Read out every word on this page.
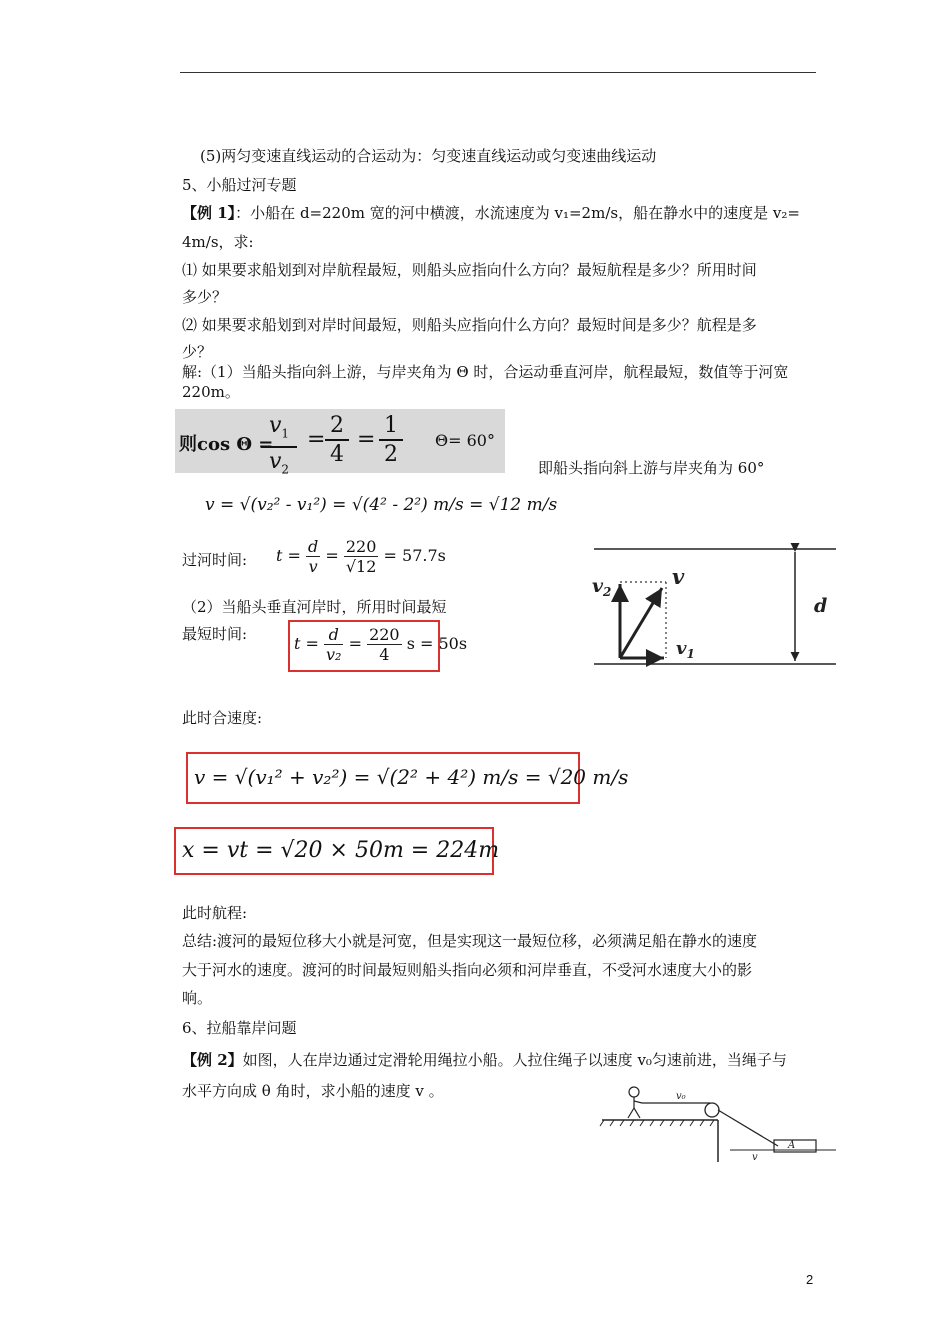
(5)两匀变速直线运动的合运动为：匀变速直线运动或匀变速曲线运动
5、小船过河专题
【例 1】：小船在 d=220m 宽的河中横渡，水流速度为 v₁=2m/s，船在静水中的速度是 v₂=
4m/s，求:
⑴ 如果要求船划到对岸航程最短，则船头应指向什么方向？最短航程是多少？所用时间
多少？
⑵ 如果要求船划到对岸时间最短，则船头应指向什么方向？最短时间是多少？航程是多
少？
解:（1）当船头指向斜上游，与岸夹角为 Θ 时，合运动垂直河岸，航程最短，数值等于河宽
220m。
则cos Θ =
$v_1$
$v_2$
=
2
4
=
1
2
Θ= 60°
即船头指向斜上游与岸夹角为 60°
v = √(v₂² - v₁²) = √(4² - 2²) m/s = √12 m/s
过河时间: $t = \frac{d}{v} = \frac{220}{√12} = 57.7s$
（2）当船头垂直河岸时，所用时间最短
最短时间:	$t = \frac{d}{\text{v₂}} = \frac{220}{4}$ s = 50s
此时合速度:
v = √(v₁² + v₂²) = √(2² + 4²) m/s = √20 m/s
x = vt = √20 × 50m = 224m
此时航程:
总结:渡河的最短位移大小就是河宽，但是实现这一最短位移，必须满足船在静水的速度
大于河水的速度。渡河的时间最短则船头指向必须和河岸垂直，不受河水速度大小的影
响。
6、拉船靠岸问题
【例 2】如图，人在岸边通过定滑轮用绳拉小船。人拉住绳子以速度 v₀匀速前进，当绳子与
水平方向成 θ 角时，求小船的速度 v 。
$v_2$
v
$v_1$
d
v₀
v
A
2
